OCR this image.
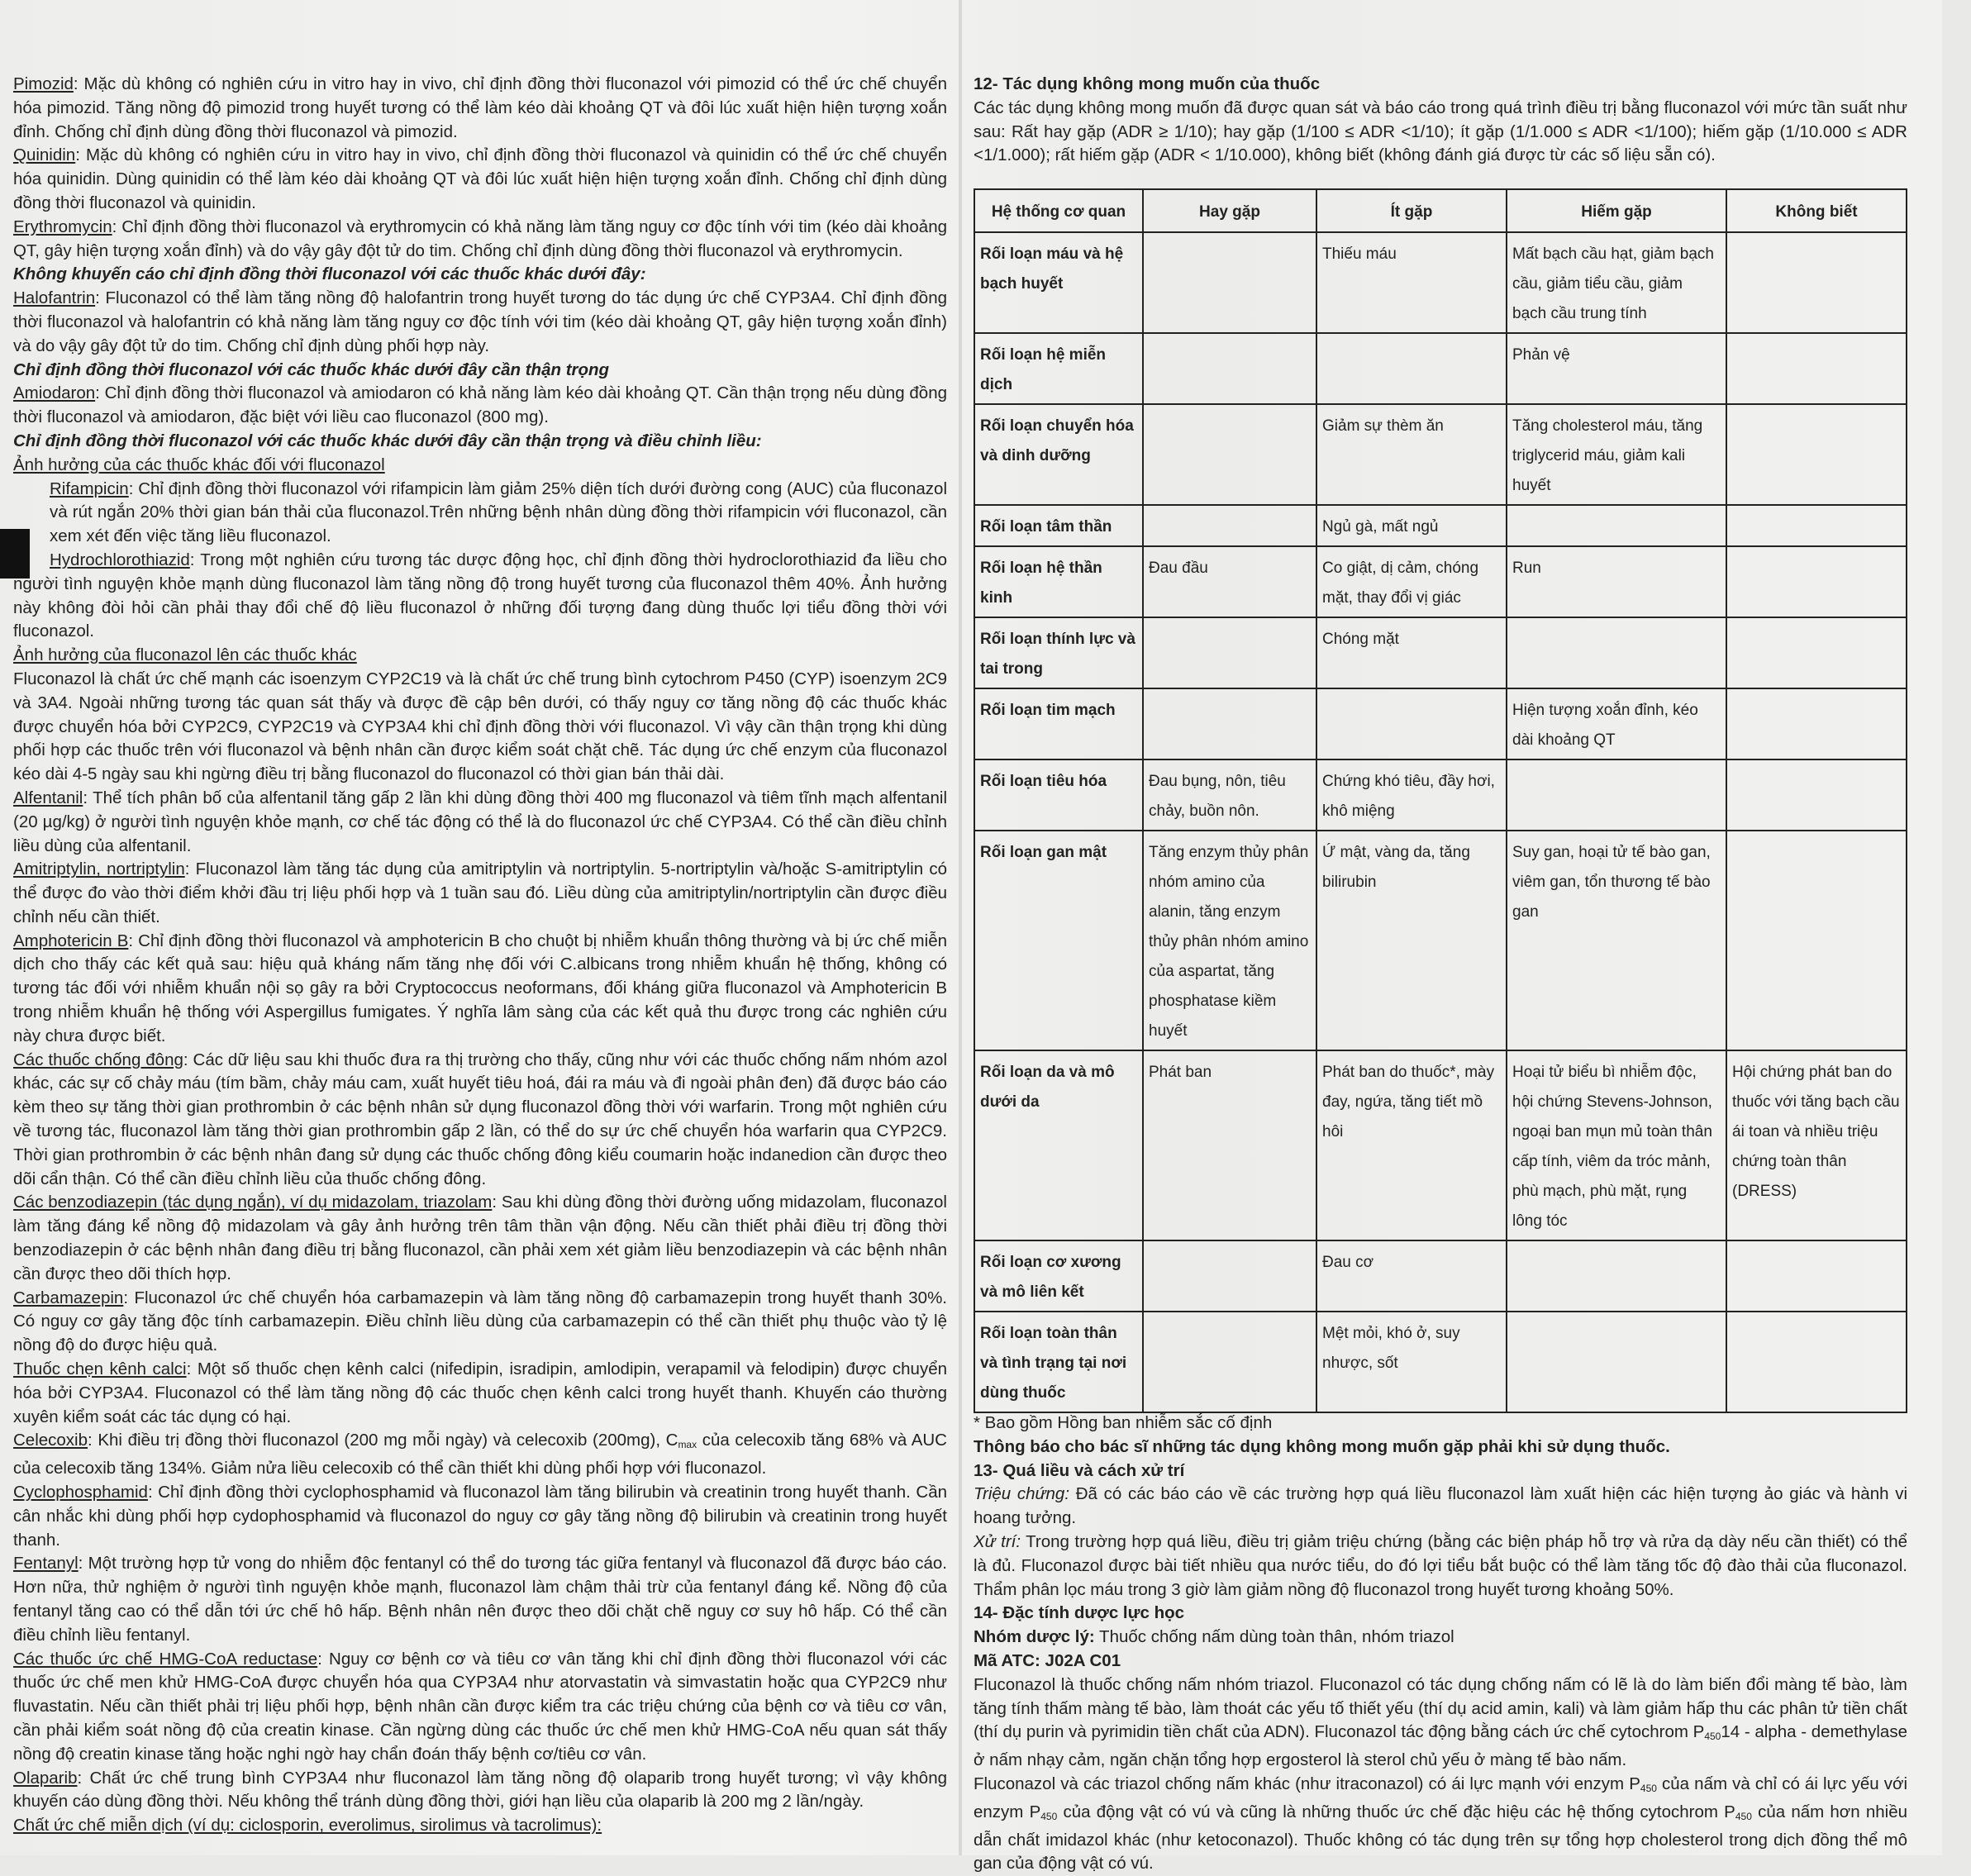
Pimozid: Mặc dù không có nghiên cứu in vitro hay in vivo, chỉ định đồng thời fluconazol với pimozid có thể ức chế chuyển hóa pimozid. Tăng nồng độ pimozid trong huyết tương có thể làm kéo dài khoảng QT và đôi lúc xuất hiện hiện tượng xoắn đỉnh. Chống chỉ định dùng đồng thời fluconazol và pimozid.

Quinidin: Mặc dù không có nghiên cứu in vitro hay in vivo, chỉ định đồng thời fluconazol và quinidin có thể ức chế chuyển hóa quinidin. Dùng quinidin có thể làm kéo dài khoảng QT và đôi lúc xuất hiện hiện tượng xoắn đỉnh. Chống chỉ định dùng đồng thời fluconazol và quinidin.

Erythromycin: Chỉ định đồng thời fluconazol và erythromycin có khả năng làm tăng nguy cơ độc tính với tim (kéo dài khoảng QT, gây hiện tượng xoắn đỉnh) và do vậy gây đột tử do tim. Chống chỉ định dùng đồng thời fluconazol và erythromycin.

Không khuyến cáo chỉ định đồng thời fluconazol với các thuốc khác dưới đây:

Halofantrin: Fluconazol có thể làm tăng nồng độ halofantrin trong huyết tương do tác dụng ức chế CYP3A4. Chỉ định đồng thời fluconazol và halofantrin có khả năng làm tăng nguy cơ độc tính với tim (kéo dài khoảng QT, gây hiện tượng xoắn đỉnh) và do vậy gây đột tử do tim. Chống chỉ định dùng phối hợp này.

Chỉ định đồng thời fluconazol với các thuốc khác dưới đây cần thận trọng

Amiodaron: Chỉ định đồng thời fluconazol và amiodaron có khả năng làm kéo dài khoảng QT. Cần thận trọng nếu dùng đồng thời fluconazol và amiodaron, đặc biệt với liều cao fluconazol (800 mg).

Chỉ định đồng thời fluconazol với các thuốc khác dưới đây cần thận trọng và điều chỉnh liều:

Ảnh hưởng của các thuốc khác đối với fluconazol

Rifampicin: Chỉ định đồng thời fluconazol với rifampicin làm giảm 25% diện tích dưới đường cong (AUC) của fluconazol và rút ngắn 20% thời gian bán thải của fluconazol.Trên những bệnh nhân dùng đồng thời rifampicin với fluconazol, cần xem xét đến việc tăng liều fluconazol.

Hydrochlorothiazid: Trong một nghiên cứu tương tác dược động học, chỉ định đồng thời hydroclorothiazid đa liều cho người tình nguyện khỏe mạnh dùng fluconazol làm tăng nồng độ trong huyết tương của fluconazol thêm 40%. Ảnh hưởng này không đòi hỏi cần phải thay đổi chế độ liều fluconazol ở những đối tượng đang dùng thuốc lợi tiểu đồng thời với fluconazol.

Ảnh hưởng của fluconazol lên các thuốc khác

Fluconazol là chất ức chế mạnh các isoenzym CYP2C19 và là chất ức chế trung bình cytochrom P450 (CYP) isoenzym 2C9 và 3A4. Ngoài những tương tác quan sát thấy và được đề cập bên dưới, có thấy nguy cơ tăng nồng độ các thuốc khác được chuyển hóa bởi CYP2C9, CYP2C19 và CYP3A4 khi chỉ định đồng thời với fluconazol. Vì vậy cần thận trọng khi dùng phối hợp các thuốc trên với fluconazol và bệnh nhân cần được kiểm soát chặt chẽ. Tác dụng ức chế enzym của fluconazol kéo dài 4-5 ngày sau khi ngừng điều trị bằng fluconazol do fluconazol có thời gian bán thải dài.

Alfentanil: Thể tích phân bố của alfentanil tăng gấp 2 lần khi dùng đồng thời 400 mg fluconazol và tiêm tĩnh mạch alfentanil (20 µg/kg) ở người tình nguyện khỏe mạnh, cơ chế tác động có thể là do fluconazol ức chế CYP3A4. Có thể cần điều chỉnh liều dùng của alfentanil.

Amitriptylin, nortriptylin: Fluconazol làm tăng tác dụng của amitriptylin và nortriptylin. 5-nortriptylin và/hoặc S-amitriptylin có thể được đo vào thời điểm khởi đầu trị liệu phối hợp và 1 tuần sau đó. Liều dùng của amitriptylin/nortriptylin cần được điều chỉnh nếu cần thiết.

Amphotericin B: Chỉ định đồng thời fluconazol và amphotericin B cho chuột bị nhiễm khuẩn thông thường và bị ức chế miễn dịch cho thấy các kết quả sau: hiệu quả kháng nấm tăng nhẹ đối với C.albicans trong nhiễm khuẩn hệ thống, không có tương tác đối với nhiễm khuẩn nội sọ gây ra bởi Cryptococcus neoformans, đối kháng giữa fluconazol và Amphotericin B trong nhiễm khuẩn hệ thống với Aspergillus fumigates. Ý nghĩa lâm sàng của các kết quả thu được trong các nghiên cứu này chưa được biết.

Các thuốc chống đông: Các dữ liệu sau khi thuốc đưa ra thị trường cho thấy, cũng như với các thuốc chống nấm nhóm azol khác, các sự cố chảy máu (tím bầm, chảy máu cam, xuất huyết tiêu hoá, đái ra máu và đi ngoài phân đen) đã được báo cáo kèm theo sự tăng thời gian prothrombin ở các bệnh nhân sử dụng fluconazol đồng thời với warfarin. Trong một nghiên cứu về tương tác, fluconazol làm tăng thời gian prothrombin gấp 2 lần, có thể do sự ức chế chuyển hóa warfarin qua CYP2C9. Thời gian prothrombin ở các bệnh nhân đang sử dụng các thuốc chống đông kiểu coumarin hoặc indanedion cần được theo dõi cẩn thận. Có thể cần điều chỉnh liều của thuốc chống đông.

Các benzodiazepin (tác dụng ngắn), ví dụ midazolam, triazolam: Sau khi dùng đồng thời đường uống midazolam, fluconazol làm tăng đáng kể nồng độ midazolam và gây ảnh hưởng trên tâm thần vận động. Nếu cần thiết phải điều trị đồng thời benzodiazepin ở các bệnh nhân đang điều trị bằng fluconazol, cần phải xem xét giảm liều benzodiazepin và các bệnh nhân cần được theo dõi thích hợp.

Carbamazepin: Fluconazol ức chế chuyển hóa carbamazepin và làm tăng nồng độ carbamazepin trong huyết thanh 30%. Có nguy cơ gây tăng độc tính carbamazepin. Điều chỉnh liều dùng của carbamazepin có thể cần thiết phụ thuộc vào tỷ lệ nồng độ do được hiệu quả.

Thuốc chẹn kênh calci: Một số thuốc chẹn kênh calci (nifedipin, isradipin, amlodipin, verapamil và felodipin) được chuyển hóa bởi CYP3A4. Fluconazol có thể làm tăng nồng độ các thuốc chẹn kênh calci trong huyết thanh. Khuyến cáo thường xuyên kiểm soát các tác dụng có hại.

Celecoxib: Khi điều trị đồng thời fluconazol (200 mg mỗi ngày) và celecoxib (200mg), $C_{max}$ của celecoxib tăng 68% và AUC của celecoxib tăng 134%. Giảm nửa liều celecoxib có thể cần thiết khi dùng phối hợp với fluconazol.

Cyclophosphamid: Chỉ định đồng thời cyclophosphamid và fluconazol làm tăng bilirubin và creatinin trong huyết thanh. Cần cân nhắc khi dùng phối hợp cydophosphamid và fluconazol do nguy cơ gây tăng nồng độ bilirubin và creatinin trong huyết thanh.

Fentanyl: Một trường hợp tử vong do nhiễm độc fentanyl có thể do tương tác giữa fentanyl và fluconazol đã được báo cáo. Hơn nữa, thử nghiệm ở người tình nguyện khỏe mạnh, fluconazol làm chậm thải trừ của fentanyl đáng kể. Nồng độ của fentanyl tăng cao có thể dẫn tới ức chế hô hấp. Bệnh nhân nên được theo dõi chặt chẽ nguy cơ suy hô hấp. Có thể cần điều chỉnh liều fentanyl.

Các thuốc ức chế HMG-CoA reductase: Nguy cơ bệnh cơ và tiêu cơ vân tăng khi chỉ định đồng thời fluconazol với các thuốc ức chế men khử HMG-CoA được chuyển hóa qua CYP3A4 như atorvastatin và simvastatin hoặc qua CYP2C9 như fluvastatin. Nếu cần thiết phải trị liệu phối hợp, bệnh nhân cần được kiểm tra các triệu chứng của bệnh cơ và tiêu cơ vân, cần phải kiểm soát nồng độ của creatin kinase. Cần ngừng dùng các thuốc ức chế men khử HMG-CoA nếu quan sát thấy nồng độ creatin kinase tăng hoặc nghi ngờ hay chẩn đoán thấy bệnh cơ/tiêu cơ vân.

Olaparib: Chất ức chế trung bình CYP3A4 như fluconazol làm tăng nồng độ olaparib trong huyết tương; vì vậy không khuyến cáo dùng đồng thời. Nếu không thể tránh dùng đồng thời, giới hạn liều của olaparib là 200 mg 2 lần/ngày.

Chất ức chế miễn dịch (ví dụ: ciclosporin, everolimus, sirolimus và tacrolimus):

12- Tác dụng không mong muốn của thuốc

Các tác dụng không mong muốn đã được quan sát và báo cáo trong quá trình điều trị bằng fluconazol với mức tần suất như sau: Rất hay gặp (ADR ≥ 1/10); hay gặp (1/100 ≤ ADR <1/10); ít gặp (1/1.000 ≤ ADR <1/100); hiếm gặp (1/10.000 ≤ ADR <1/1.000); rất hiếm gặp (ADR < 1/10.000), không biết (không đánh giá được từ các số liệu sẵn có).

Hệ thống cơ quan	Hay gặp	Ít gặp	Hiếm gặp	Không biết
Rối loạn máu và hệ bạch huyết		Thiếu máu	Mất bạch cầu hạt, giảm bạch cầu, giảm tiểu cầu, giảm bạch cầu trung tính	
Rối loạn hệ miễn dịch			Phản vệ	
Rối loạn chuyển hóa và dinh dưỡng		Giảm sự thèm ăn	Tăng cholesterol máu, tăng triglycerid máu, giảm kali huyết	
Rối loạn tâm thần		Ngủ gà, mất ngủ		
Rối loạn hệ thần kinh	Đau đầu	Co giật, dị cảm, chóng mặt, thay đổi vị giác	Run	
Rối loạn thính lực và tai trong		Chóng mặt		
Rối loạn tim mạch			Hiện tượng xoắn đỉnh, kéo dài khoảng QT	
Rối loạn tiêu hóa	Đau bụng, nôn, tiêu chảy, buồn nôn.	Chứng khó tiêu, đầy hơi, khô miệng		
Rối loạn gan mật	Tăng enzym thủy phân nhóm amino của alanin, tăng enzym thủy phân nhóm amino của aspartat, tăng phosphatase kiềm huyết	Ứ mật, vàng da, tăng bilirubin	Suy gan, hoại tử tế bào gan, viêm gan, tổn thương tế bào gan	
Rối loạn da và mô dưới da	Phát ban	Phát ban do thuốc*, mày đay, ngứa, tăng tiết mồ hôi	Hoại tử biểu bì nhiễm độc, hội chứng Stevens-Johnson, ngoại ban mụn mủ toàn thân cấp tính, viêm da tróc mảnh, phù mạch, phù mặt, rụng lông tóc	Hội chứng phát ban do thuốc với tăng bạch cầu ái toan và nhiều triệu chứng toàn thân (DRESS)
Rối loạn cơ xương và mô liên kết		Đau cơ		
Rối loạn toàn thân và tình trạng tại nơi dùng thuốc		Mệt mỏi, khó ở, suy nhược, sốt		

* Bao gồm Hồng ban nhiễm sắc cố định

Thông báo cho bác sĩ những tác dụng không mong muốn gặp phải khi sử dụng thuốc.

13- Quá liều và cách xử trí

Triệu chứng: Đã có các báo cáo về các trường hợp quá liều fluconazol làm xuất hiện các hiện tượng ảo giác và hành vi hoang tưởng.

Xử trí: Trong trường hợp quá liều, điều trị giảm triệu chứng (bằng các biện pháp hỗ trợ và rửa dạ dày nếu cần thiết) có thể là đủ. Fluconazol được bài tiết nhiều qua nước tiểu, do đó lợi tiểu bắt buộc có thể làm tăng tốc độ đào thải của fluconazol. Thẩm phân lọc máu trong 3 giờ làm giảm nồng độ fluconazol trong huyết tương khoảng 50%.

14- Đặc tính dược lực học

Nhóm dược lý: Thuốc chống nấm dùng toàn thân, nhóm triazol

Mã ATC: J02A C01

Fluconazol là thuốc chống nấm nhóm triazol. Fluconazol có tác dụng chống nấm có lẽ là do làm biến đổi màng tế bào, làm tăng tính thấm màng tế bào, làm thoát các yếu tố thiết yếu (thí dụ acid amin, kali) và làm giảm hấp thu các phân tử tiền chất (thí dụ purin và pyrimidin tiền chất của ADN). Fluconazol tác động bằng cách ức chế cytochrom $P_{450}14$ - alpha - demethylase ở nấm nhạy cảm, ngăn chặn tổng hợp ergosterol là sterol chủ yếu ở màng tế bào nấm.

Fluconazol và các triazol chống nấm khác (như itraconazol) có ái lực mạnh với enzym $P_{450}$ của nấm và chỉ có ái lực yếu với enzym $P_{450}$ của động vật có vú và cũng là những thuốc ức chế đặc hiệu các hệ thống cytochrom $P_{450}$ của nấm hơn nhiều dẫn chất imidazol khác (như ketoconazol). Thuốc không có tác dụng trên sự tổng hợp cholesterol trong dịch đồng thể mô gan của động vật có vú.
